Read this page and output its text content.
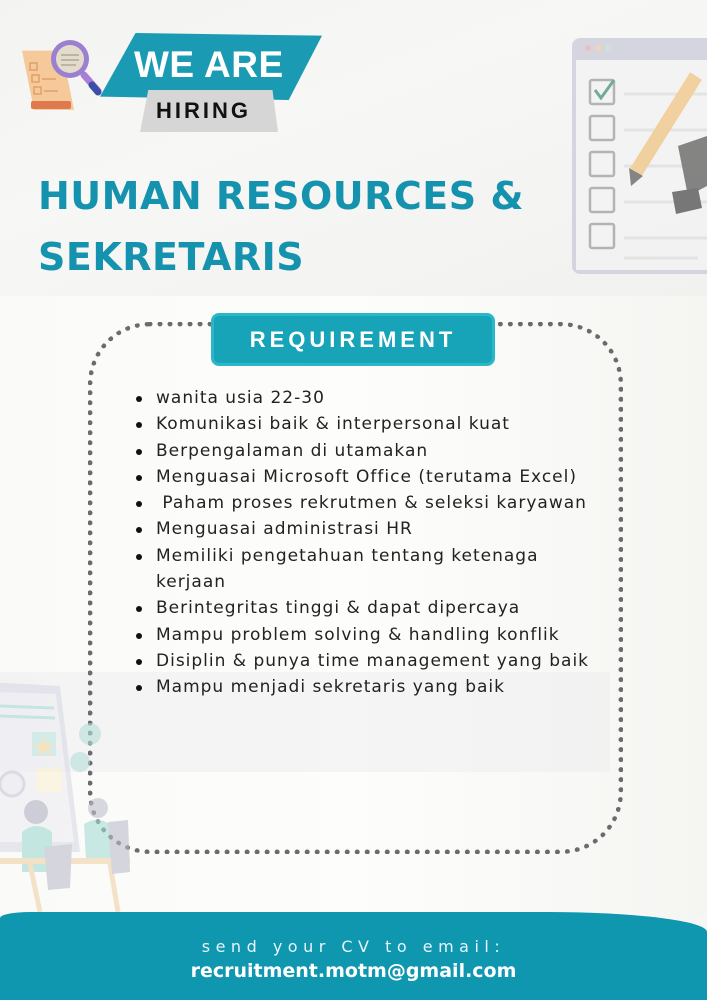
WE ARE
HIRING
HUMAN RESOURCES &
SEKRETARIS
REQUIREMENT
wanita usia 22-30
Komunikasi baik & interpersonal kuat
Berpengalaman di utamakan
Menguasai Microsoft Office (terutama Excel)
Paham proses rekrutmen & seleksi karyawan
Menguasai administrasi HR
Memiliki pengetahuan tentang ketenaga kerjaan
Berintegritas tinggi & dapat dipercaya
Mampu problem solving & handling konflik
Disiplin & punya time management yang baik
Mampu menjadi sekretaris yang baik
send your CV to email:
recruitment.motm@gmail.com
